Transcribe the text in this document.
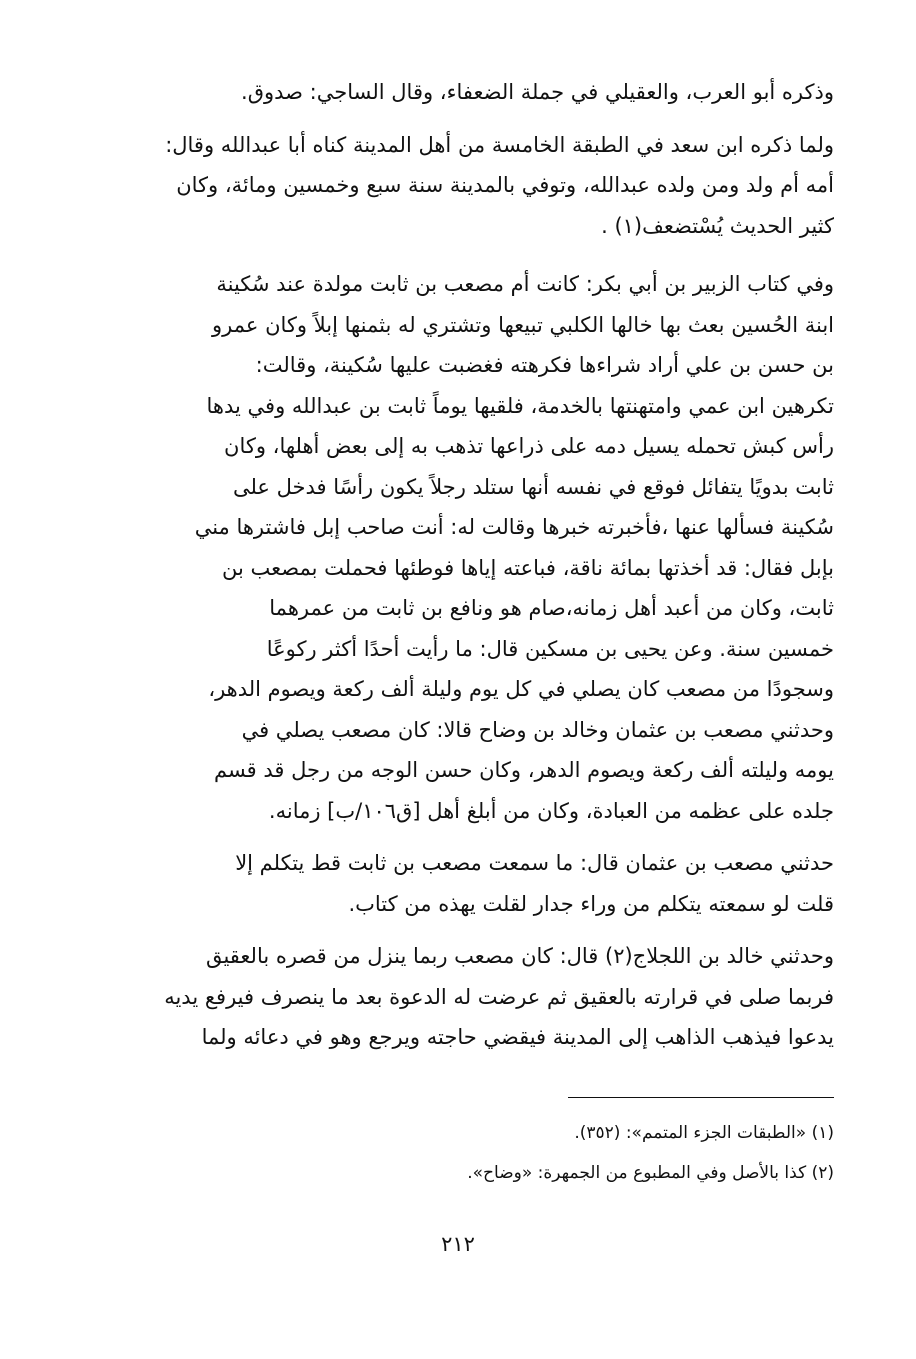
وذكره أبو العرب، والعقيلي في جملة الضعفاء، وقال الساجي: صدوق.
ولما ذكره ابن سعد في الطبقة الخامسة من أهل المدينة كناه أبا عبدالله وقال:
أمه أم ولد ومن ولده عبدالله، وتوفي بالمدينة سنة سبع وخمسين ومائة، وكان
كثير الحديث يُسْتضعف(١) .
وفي كتاب الزبير بن أبي بكر: كانت أم مصعب بن ثابت مولدة عند سُكينة
ابنة الحُسين بعث بها خالها الكلبي تبيعها وتشتري له بثمنها إبلاً وكان عمرو
بن حسن بن علي أراد شراءها فكرهته فغضبت عليها سُكينة، وقالت:
تكرهين ابن عمي وامتهنتها بالخدمة، فلقيها يوماً ثابت بن عبدالله وفي يدها
رأس كبش تحمله يسيل دمه على ذراعها تذهب به إلى بعض أهلها، وكان
ثابت بدويًا يتفائل فوقع في نفسه أنها ستلد رجلاً يكون رأسًا فدخل على
سُكينة فسألها عنها ،فأخبرته خبرها وقالت له: أنت صاحب إبل فاشترها مني
بإبل فقال: قد أخذتها بمائة ناقة، فباعته إياها فوطئها فحملت بمصعب بن
ثابت، وكان من أعبد أهل زمانه،صام هو ونافع بن ثابت من عمرهما
خمسين سنة. وعن يحيى بن مسكين قال: ما رأيت أحدًا أكثر ركوعًا
وسجودًا من مصعب كان يصلي في كل يوم وليلة ألف ركعة ويصوم الدهر،
وحدثني مصعب بن عثمان وخالد بن وضاح قالا: كان مصعب يصلي في
يومه وليلته ألف ركعة ويصوم الدهر، وكان حسن الوجه من رجل قد قسم
جلده على عظمه من العبادة، وكان من أبلغ أهل [ق١٠٦/ب] زمانه.
حدثني مصعب بن عثمان قال: ما سمعت مصعب بن ثابت قط يتكلم إلا
قلت لو سمعته يتكلم من وراء جدار لقلت يهذه من كتاب.
وحدثني خالد بن اللجلاج(٢) قال: كان مصعب ربما ينزل من قصره بالعقيق
فربما صلى في قرارته بالعقيق ثم عرضت له الدعوة بعد ما ينصرف فيرفع يديه
يدعوا فيذهب الذاهب إلى المدينة فيقضي حاجته ويرجع وهو في دعائه ولما
(١) «الطبقات الجزء المتمم»: (٣٥٢).
(٢) كذا بالأصل وفي المطبوع من الجمهرة: «وضاح».
٢١٢
